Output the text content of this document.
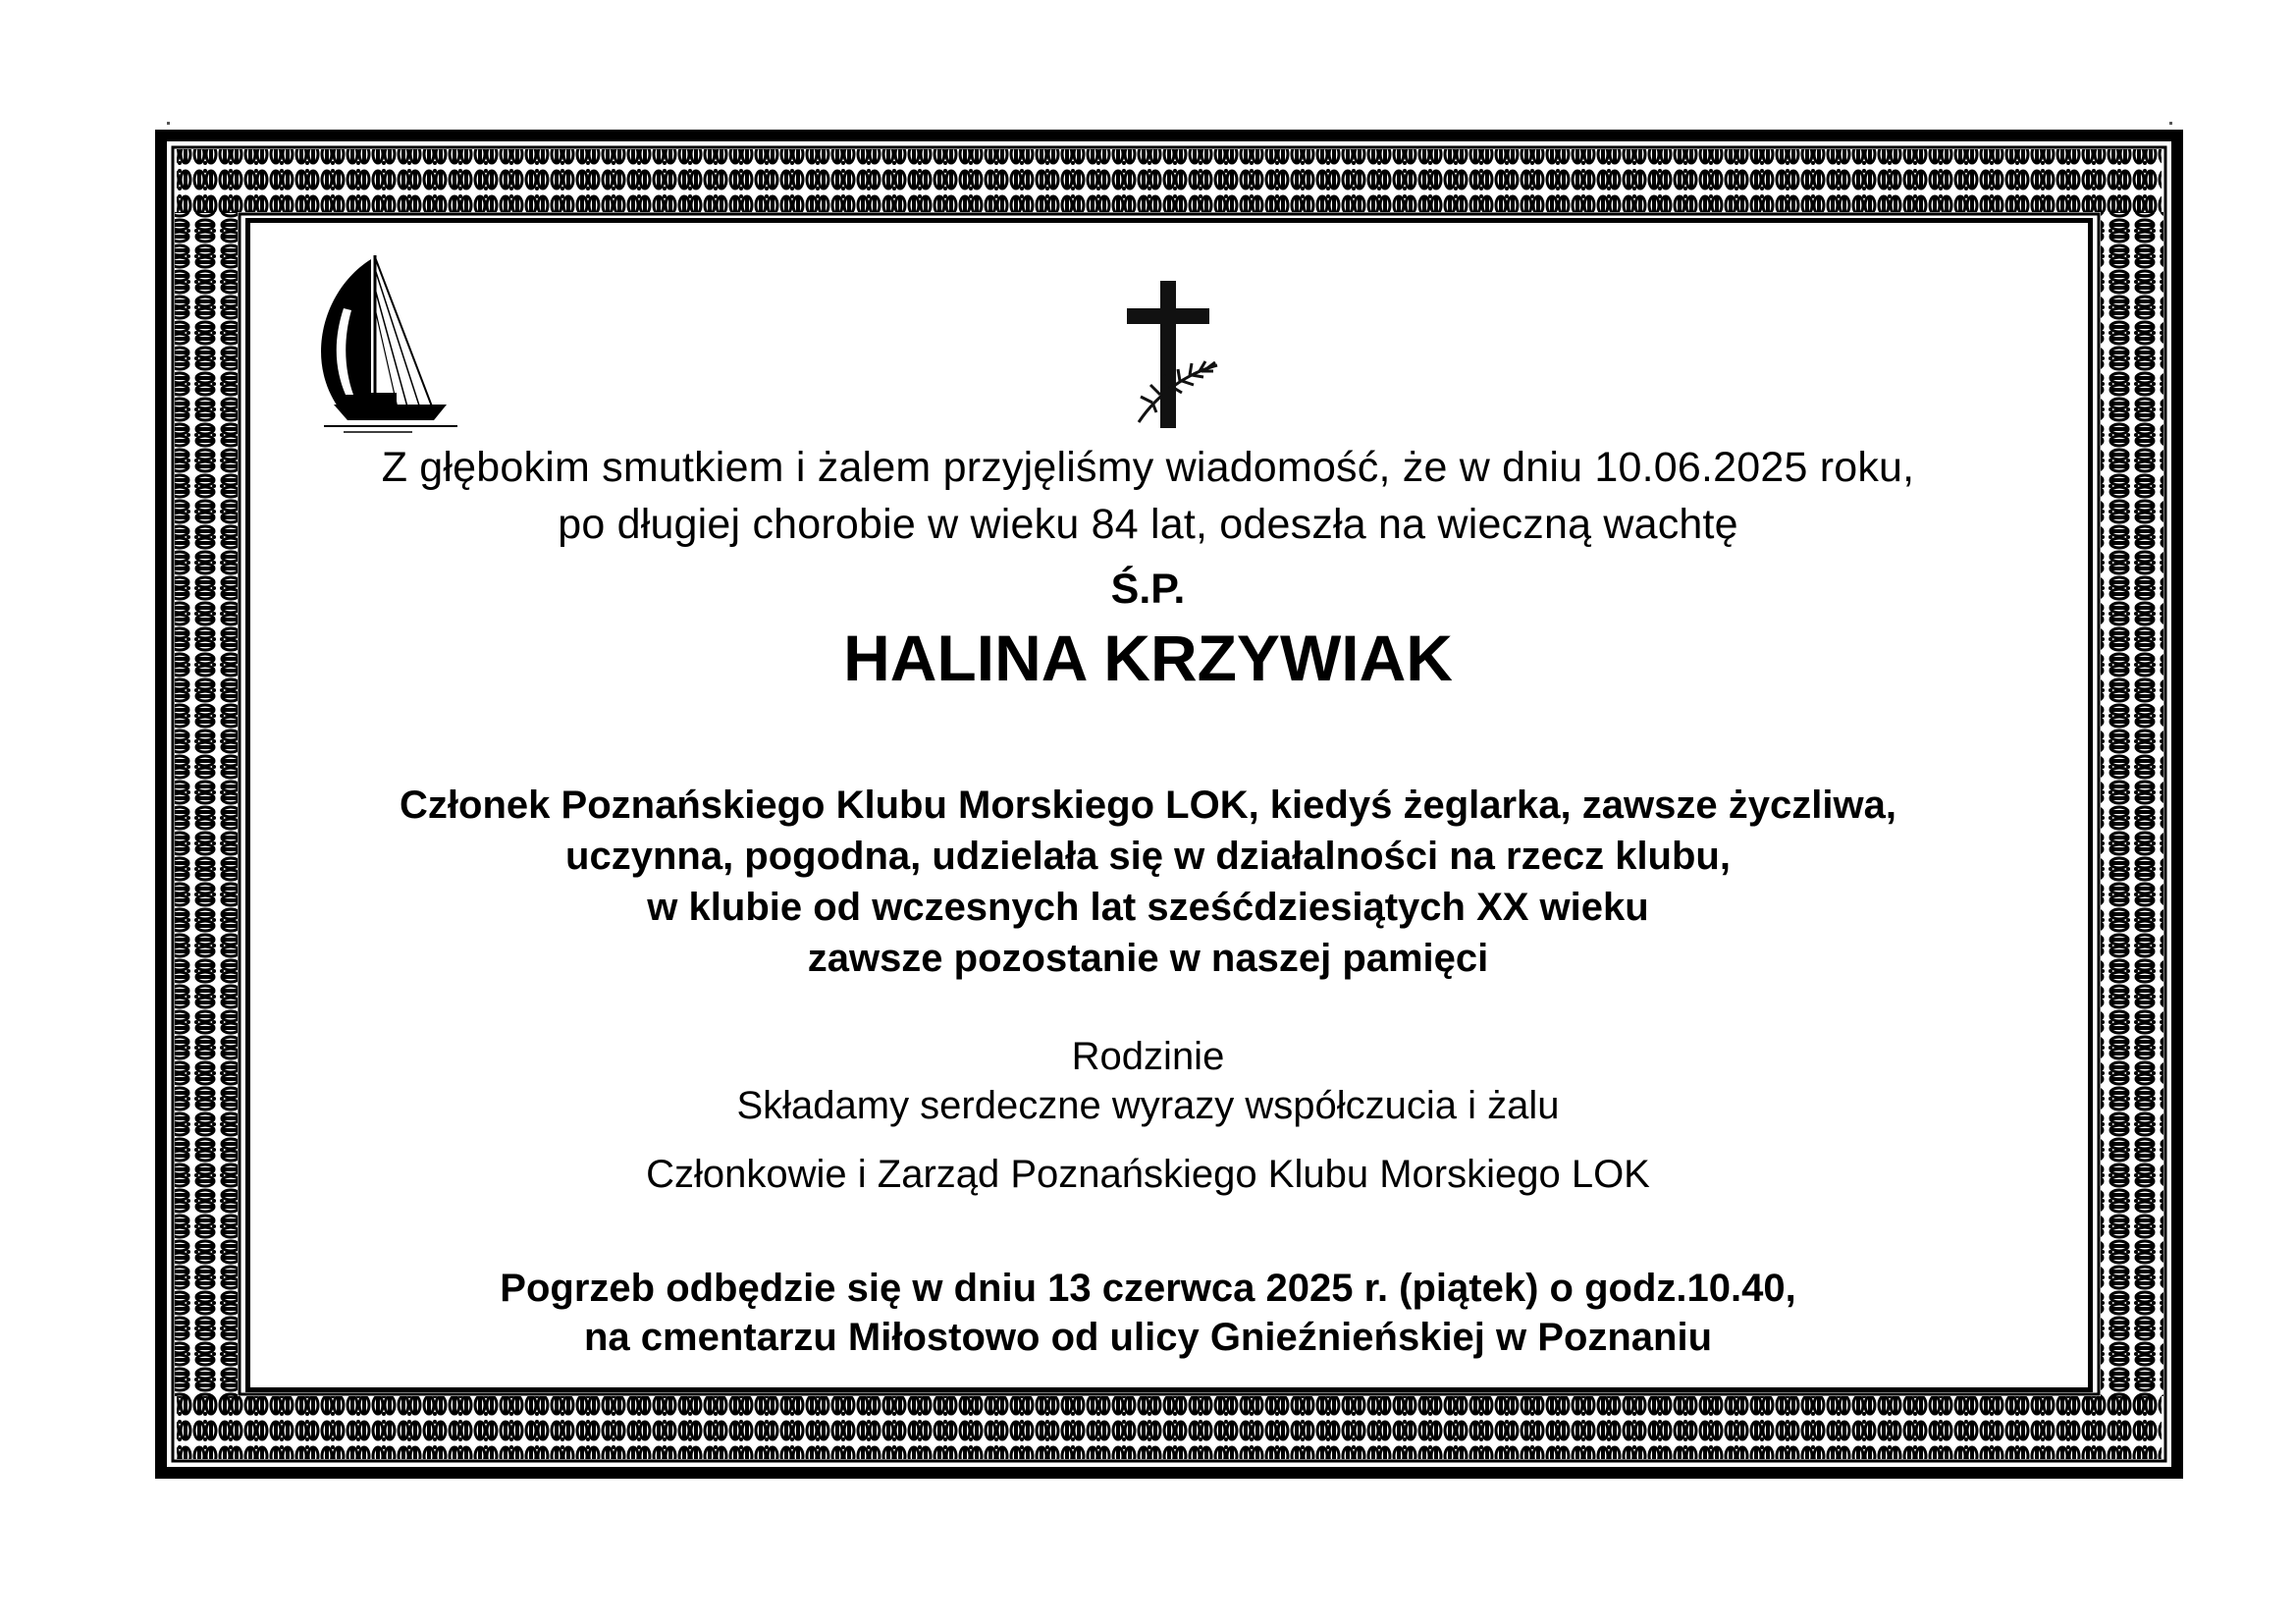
Z głębokim smutkiem i żalem przyjęliśmy wiadomość, że w dniu 10.06.2025 roku,
po długiej chorobie w wieku 84 lat, odeszła na wieczną wachtę
Ś.P.
HALINA KRZYWIAK
Członek Poznańskiego Klubu Morskiego LOK, kiedyś żeglarka, zawsze życzliwa,
uczynna, pogodna, udzielała się w działalności na rzecz klubu,
w klubie od wczesnych lat sześćdziesiątych XX wieku
zawsze pozostanie w naszej pamięci
Rodzinie
Składamy serdeczne wyrazy współczucia i żalu
Członkowie i Zarząd Poznańskiego Klubu Morskiego LOK
Pogrzeb odbędzie się w dniu 13 czerwca 2025 r. (piątek) o godz.10.40,
na cmentarzu Miłostowo od ulicy Gnieźnieńskiej w Poznaniu
